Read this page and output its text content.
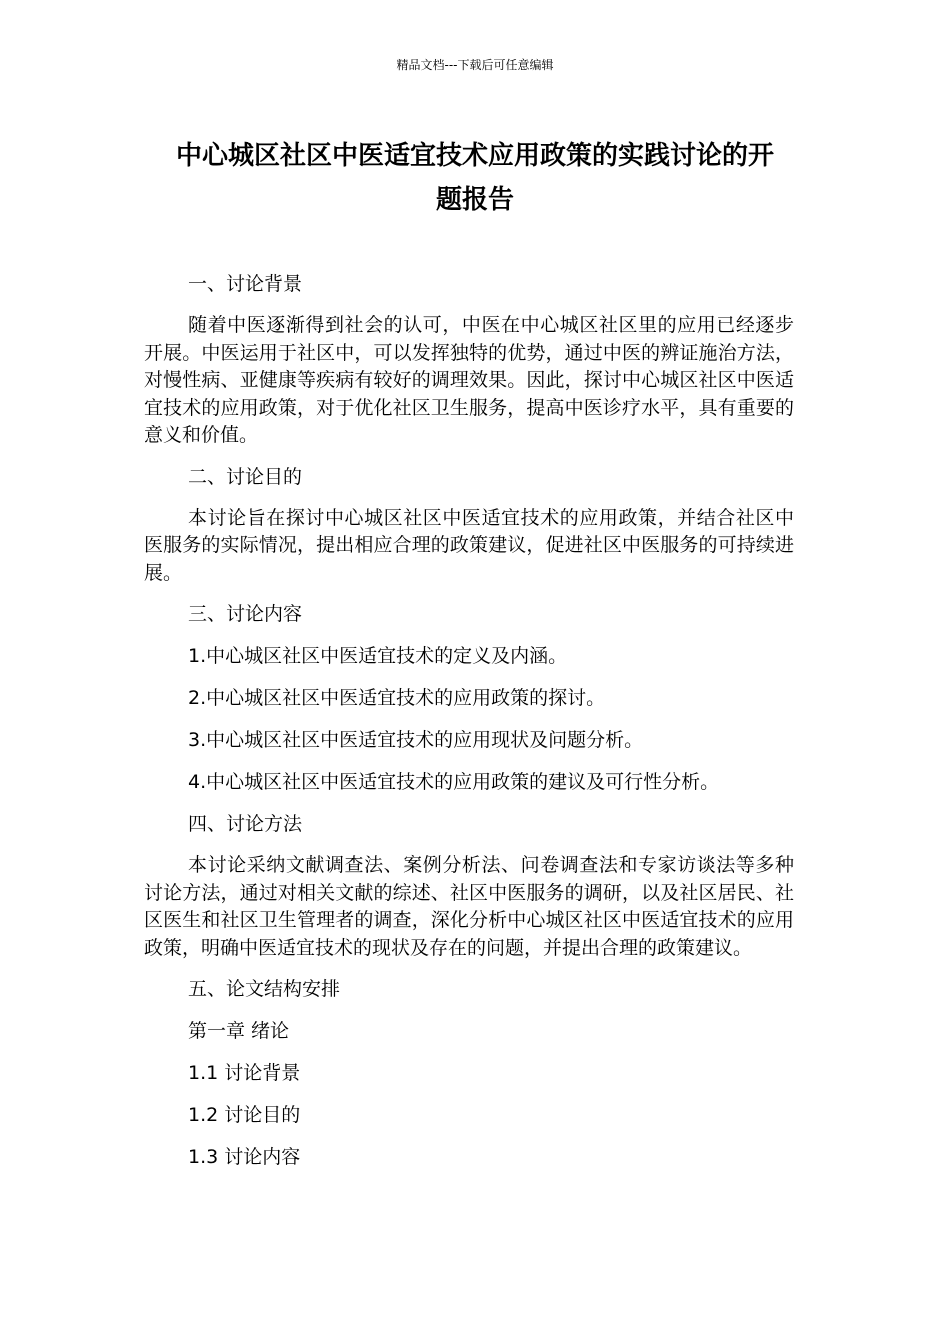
精品文档---下载后可任意编辑
中心城区社区中医适宜技术应用政策的实践讨论的开
题报告

一、讨论背景

随着中医逐渐得到社会的认可，中医在中心城区社区里的应用已经逐步开展。中医运用于社区中，可以发挥独特的优势，通过中医的辨证施治方法，对慢性病、亚健康等疾病有较好的调理效果。因此，探讨中心城区社区中医适宜技术的应用政策，对于优化社区卫生服务，提高中医诊疗水平，具有重要的意义和价值。

二、讨论目的

本讨论旨在探讨中心城区社区中医适宜技术的应用政策，并结合社区中医服务的实际情况，提出相应合理的政策建议，促进社区中医服务的可持续进展。

三、讨论内容

1.中心城区社区中医适宜技术的定义及内涵。

2.中心城区社区中医适宜技术的应用政策的探讨。

3.中心城区社区中医适宜技术的应用现状及问题分析。

4.中心城区社区中医适宜技术的应用政策的建议及可行性分析。

四、讨论方法

本讨论采纳文献调查法、案例分析法、问卷调查法和专家访谈法等多种讨论方法，通过对相关文献的综述、社区中医服务的调研，以及社区居民、社区医生和社区卫生管理者的调查，深化分析中心城区社区中医适宜技术的应用政策，明确中医适宜技术的现状及存在的问题，并提出合理的政策建议。

五、论文结构安排

第一章 绪论

1.1 讨论背景

1.2 讨论目的

1.3 讨论内容
